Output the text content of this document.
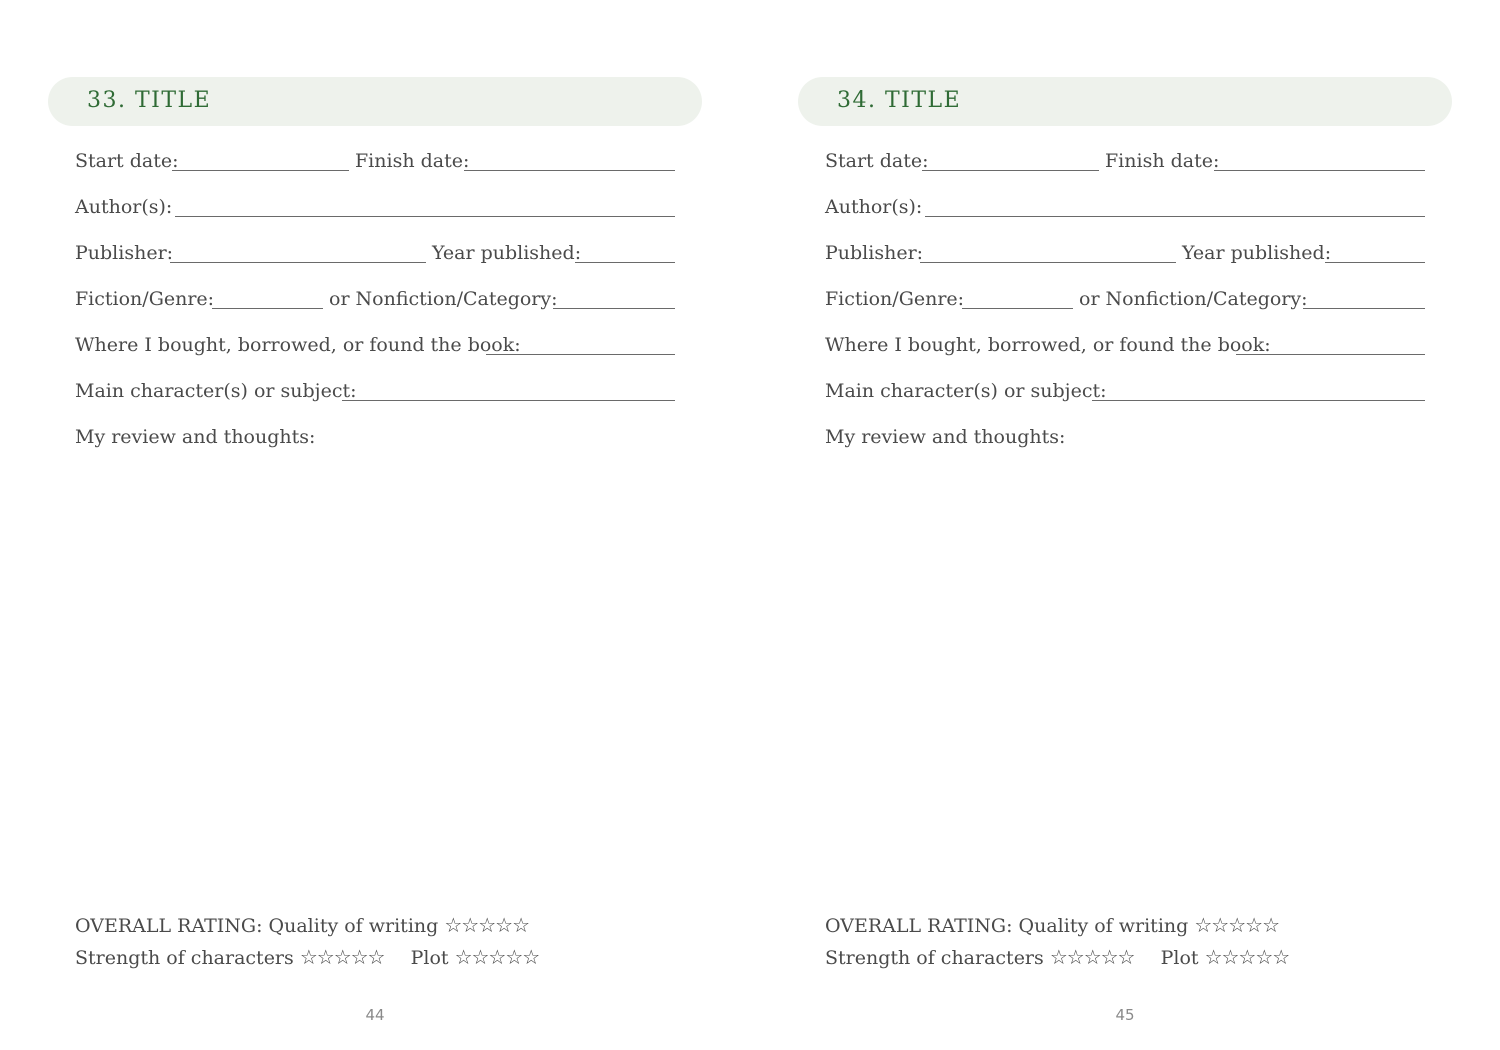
33. TITLE
Start date:	Finish date:
Author(s):
Publisher:	Year published:
Fiction/Genre:	or Nonfiction/Category:
Where I bought, borrowed, or found the book:
Main character(s) or subject:
My review and thoughts:
OVERALL RATING: Quality of writing ☆☆☆☆☆
Strength of characters ☆☆☆☆☆ Plot ☆☆☆☆☆
44
34. TITLE
Start date:	Finish date:
Author(s):
Publisher:	Year published:
Fiction/Genre:	or Nonfiction/Category:
Where I bought, borrowed, or found the book:
Main character(s) or subject:
My review and thoughts:
OVERALL RATING: Quality of writing ☆☆☆☆☆
Strength of characters ☆☆☆☆☆ Plot ☆☆☆☆☆
45
